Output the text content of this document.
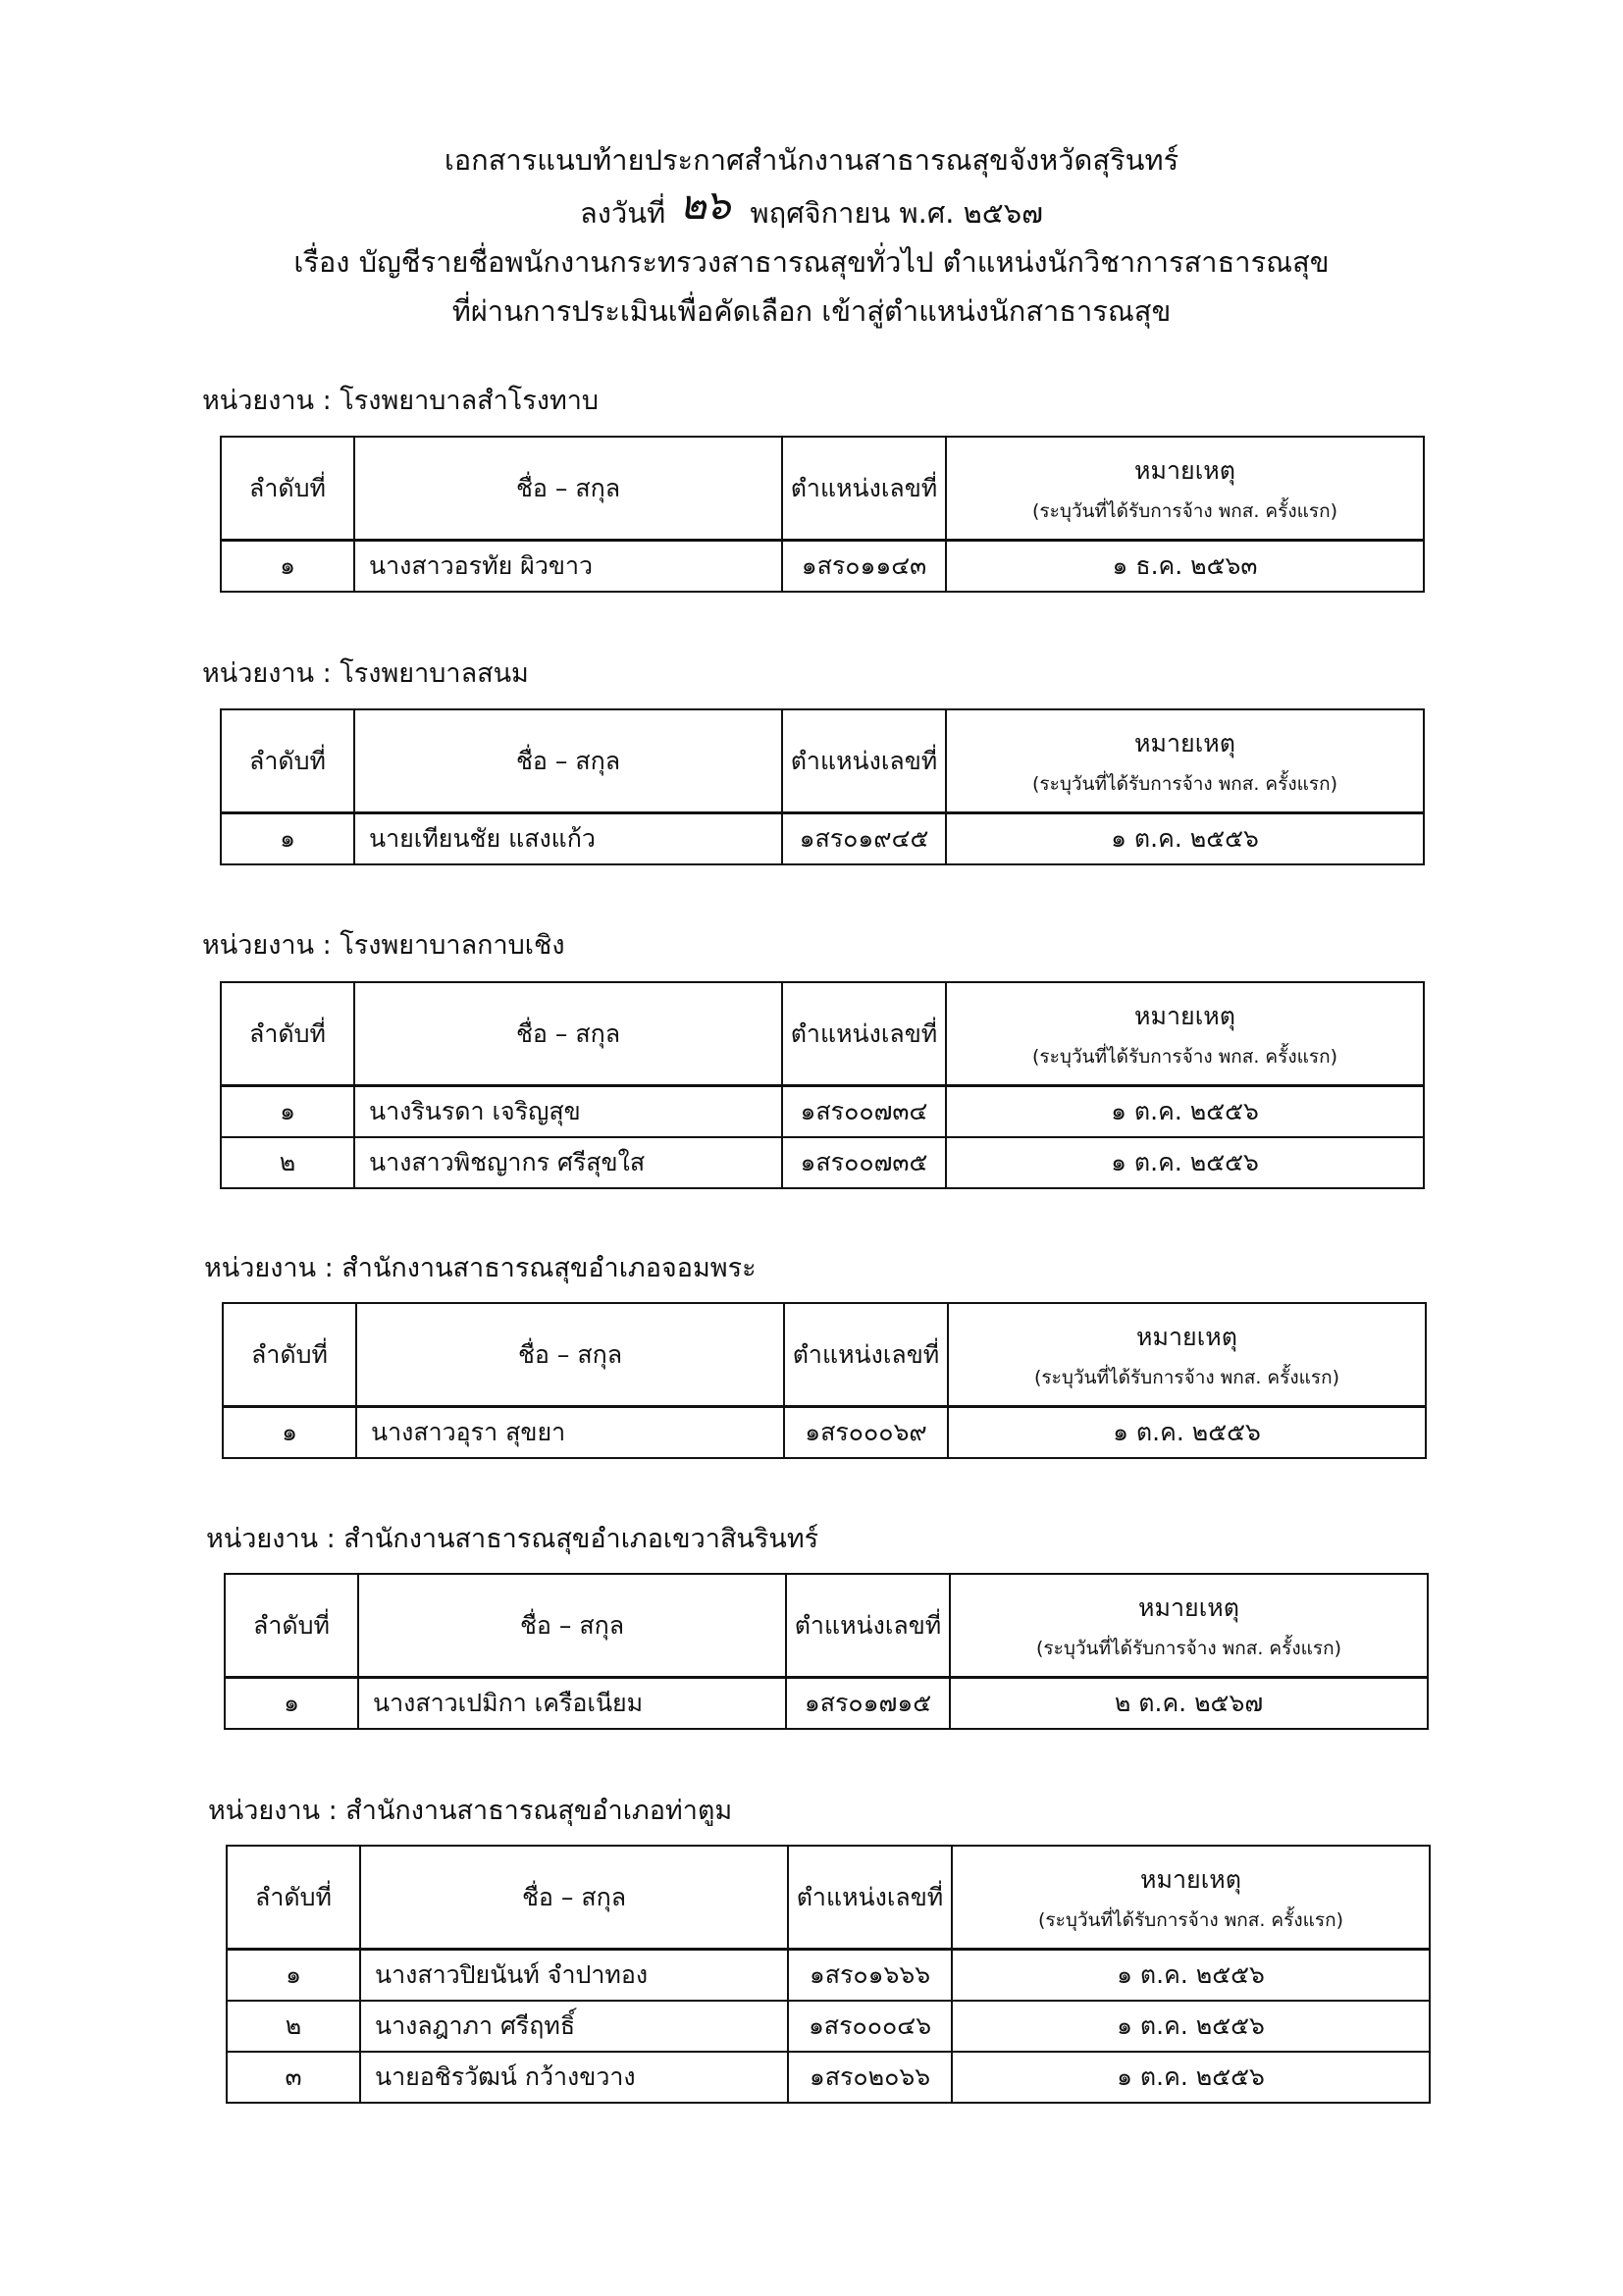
เอกสารแนบท้ายประกาศสำนักงานสาธารณสุขจังหวัดสุรินทร์
ลงวันที่ ๒๖ พฤศจิกายน พ.ศ. ๒๕๖๗
เรื่อง บัญชีรายชื่อพนักงานกระทรวงสาธารณสุขทั่วไป ตำแหน่งนักวิชาการสาธารณสุข
ที่ผ่านการประเมินเพื่อคัดเลือก เข้าสู่ตำแหน่งนักสาธารณสุข
หน่วยงาน : โรงพยาบาลสำโรงทาบ
ลำดับที่	ชื่อ – สกุล	ตำแหน่งเลขที่	หมายเหตุ
(ระบุวันที่ได้รับการจ้าง พกส. ครั้งแรก)

๑	นางสาวอรทัย ผิวขาว	๑สร๐๑๑๔๓	๑ ธ.ค. ๒๕๖๓
หน่วยงาน : โรงพยาบาลสนม
ลำดับที่	ชื่อ – สกุล	ตำแหน่งเลขที่	หมายเหตุ
(ระบุวันที่ได้รับการจ้าง พกส. ครั้งแรก)

๑	นายเทียนชัย แสงแก้ว	๑สร๐๑๙๔๕	๑ ต.ค. ๒๕๕๖
หน่วยงาน : โรงพยาบาลกาบเชิง
ลำดับที่	ชื่อ – สกุล	ตำแหน่งเลขที่	หมายเหตุ
(ระบุวันที่ได้รับการจ้าง พกส. ครั้งแรก)

๑	นางรินรดา เจริญสุข	๑สร๐๐๗๓๔	๑ ต.ค. ๒๕๕๖
๒	นางสาวพิชญากร ศรีสุขใส	๑สร๐๐๗๓๕	๑ ต.ค. ๒๕๕๖
หน่วยงาน : สำนักงานสาธารณสุขอำเภอจอมพระ
ลำดับที่	ชื่อ – สกุล	ตำแหน่งเลขที่	หมายเหตุ
(ระบุวันที่ได้รับการจ้าง พกส. ครั้งแรก)

๑	นางสาวอุรา สุขยา	๑สร๐๐๐๖๙	๑ ต.ค. ๒๕๕๖
หน่วยงาน : สำนักงานสาธารณสุขอำเภอเขวาสินรินทร์
ลำดับที่	ชื่อ – สกุล	ตำแหน่งเลขที่	หมายเหตุ
(ระบุวันที่ได้รับการจ้าง พกส. ครั้งแรก)

๑	นางสาวเปมิกา เครือเนียม	๑สร๐๑๗๑๕	๒ ต.ค. ๒๕๖๗
หน่วยงาน : สำนักงานสาธารณสุขอำเภอท่าตูม
ลำดับที่	ชื่อ – สกุล	ตำแหน่งเลขที่	หมายเหตุ
(ระบุวันที่ได้รับการจ้าง พกส. ครั้งแรก)

๑	นางสาวปิยนันท์ จำปาทอง	๑สร๐๑๖๖๖	๑ ต.ค. ๒๕๕๖
๒	นางลฎาภา ศรีฤทธิ์	๑สร๐๐๐๔๖	๑ ต.ค. ๒๕๕๖
๓	นายอชิรวัฒน์ กว้างขวาง	๑สร๐๒๐๖๖	๑ ต.ค. ๒๕๕๖
